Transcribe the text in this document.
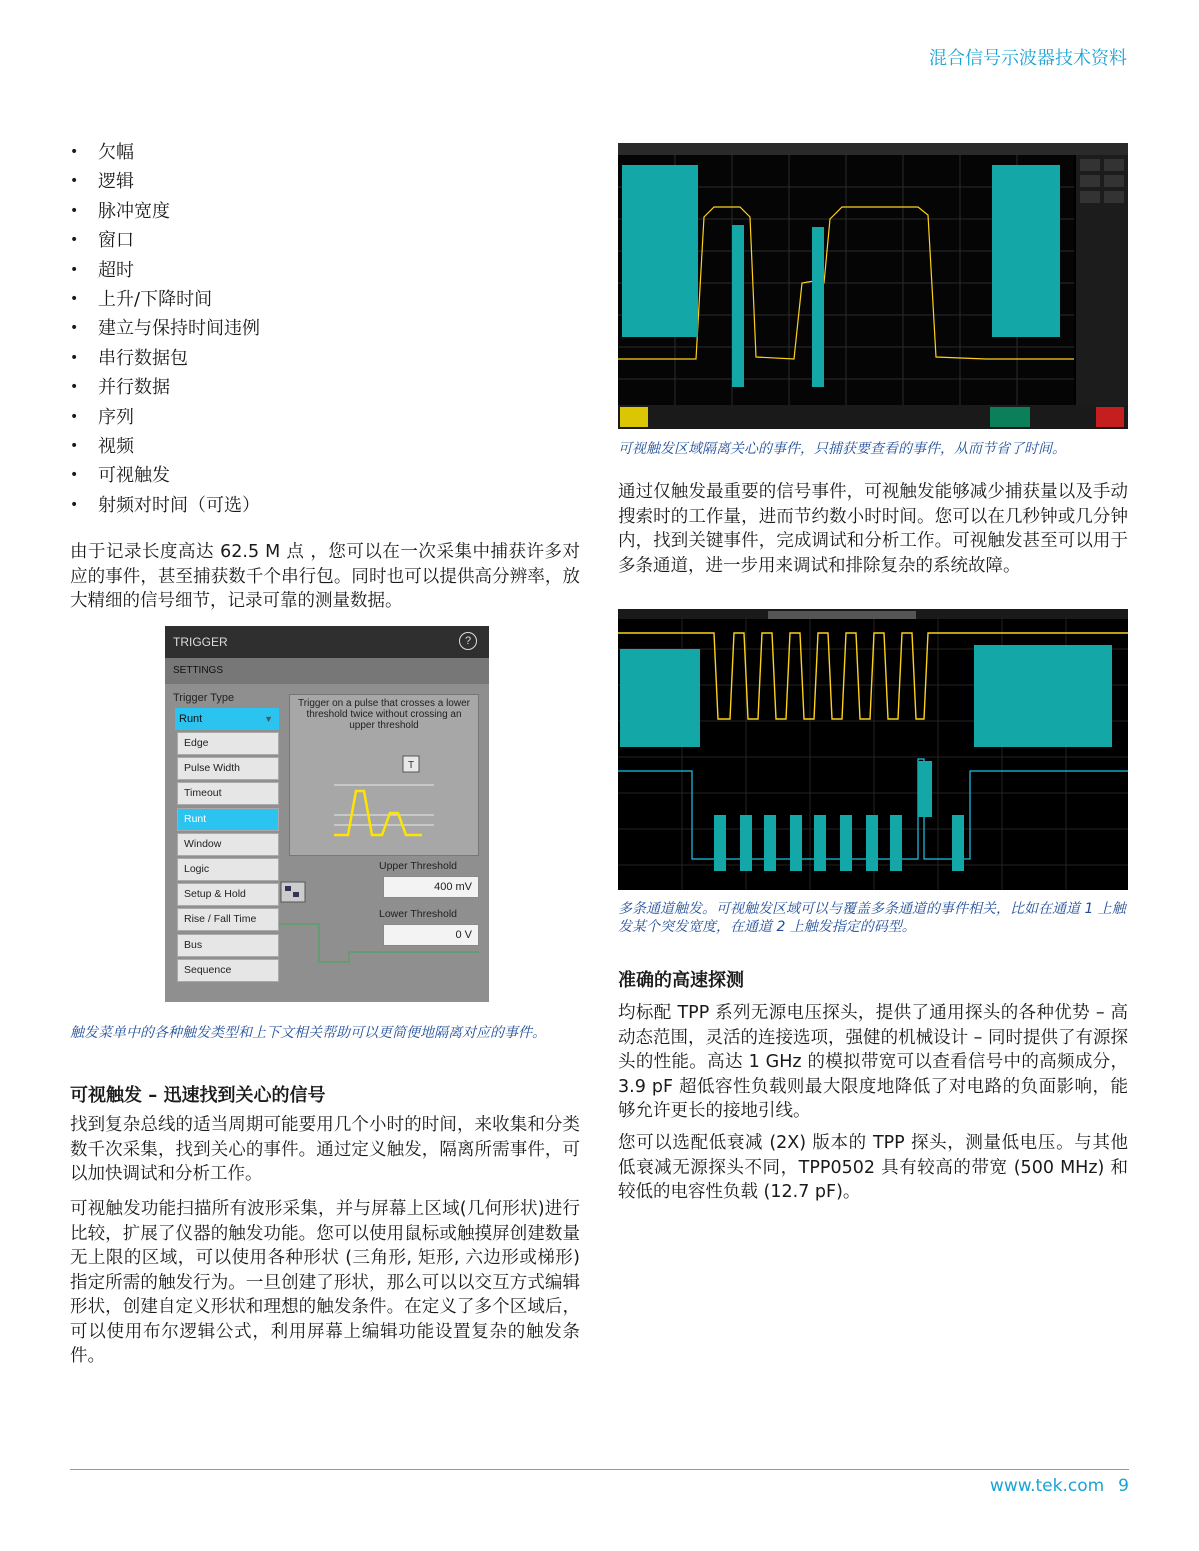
混合信号示波器技术资料
• 欠幅
• 逻辑
• 脉冲宽度
• 窗口
• 超时
• 上升/下降时间
• 建立与保持时间违例
• 串行数据包
• 并行数据
• 序列
• 视频
• 可视触发
• 射频对时间（可选）

由于记录长度高达 62.5 M 点 ，您可以在一次采集中捕获许多对应的事件，甚至捕获数千个串行包。同时也可以提供高分辨率，放大精细的信号细节，记录可靠的测量数据。

TRIGGER	?
SETTINGS
Trigger Type
Runt	▼
Edge
Pulse Width
Timeout
Runt
Window
Logic
Setup & Hold
Rise / Fall Time
Bus
Sequence
Trigger on a pulse that crosses a lower threshold twice without crossing an upper threshold
T
Upper Threshold
400 mV
Lower Threshold
0 V

触发菜单中的各种触发类型和上下文相关帮助可以更简便地隔离对应的事件。

可视触发 – 迅速找到关心的信号

找到复杂总线的适当周期可能要用几个小时的时间，来收集和分类数千次采集，找到关心的事件。通过定义触发，隔离所需事件，可以加快调试和分析工作。

可视触发功能扫描所有波形采集，并与屏幕上区域(几何形状)进行比较，扩展了仪器的触发功能。您可以使用鼠标或触摸屏创建数量无上限的区域，可以使用各种形状 (三角形, 矩形, 六边形或梯形)指定所需的触发行为。一旦创建了形状，那么可以以交互方式编辑形状，创建自定义形状和理想的触发条件。在定义了多个区域后，可以使用布尔逻辑公式，利用屏幕上编辑功能设置复杂的触发条件。

可视触发区域隔离关心的事件，只捕获要查看的事件，从而节省了时间。

通过仅触发最重要的信号事件，可视触发能够减少捕获量以及手动搜索时的工作量，进而节约数小时时间。您可以在几秒钟或几分钟内，找到关键事件，完成调试和分析工作。可视触发甚至可以用于多条通道，进一步用来调试和排除复杂的系统故障。

多条通道触发。可视触发区域可以与覆盖多条通道的事件相关，比如在通道 1 上触发某个突发宽度，在通道 2 上触发指定的码型。

准确的高速探测

均标配 TPP 系列无源电压探头，提供了通用探头的各种优势 – 高动态范围，灵活的连接选项，强健的机械设计 – 同时提供了有源探头的性能。高达 1 GHz 的模拟带宽可以查看信号中的高频成分，3.9 pF 超低容性负载则最大限度地降低了对电路的负面影响，能够允许更长的接地引线。

您可以选配低衰减 (2X) 版本的 TPP 探头，测量低电压。与其他低衰减无源探头不同，TPP0502 具有较高的带宽 (500 MHz) 和较低的电容性负载 (12.7 pF)。

www.tek.com 9
